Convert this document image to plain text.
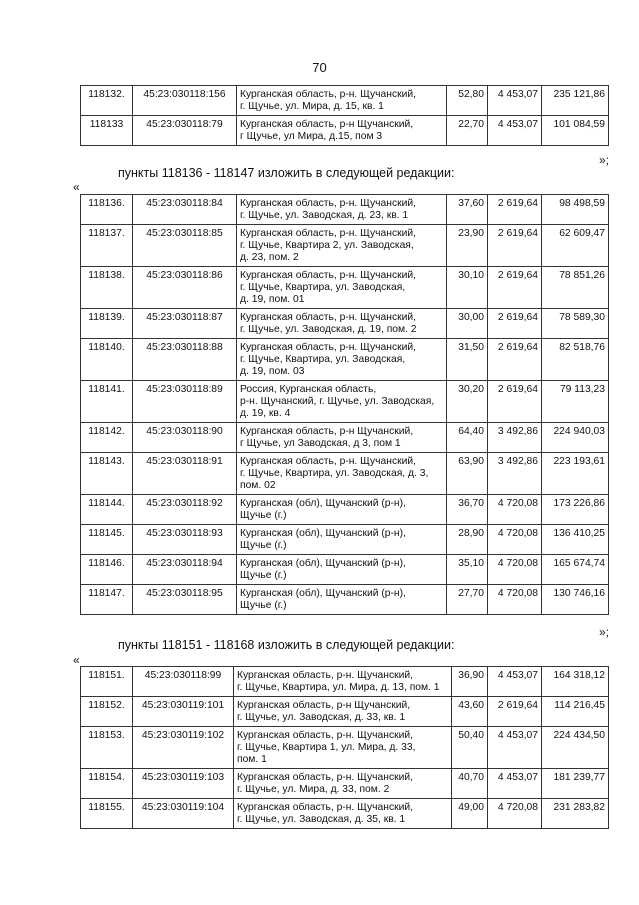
70
118132.	45:23:030118:156	Курганская область, р-н. Щучанский,
г. Щучье, ул. Мира, д. 15, кв. 1	52,80	4 453,07	235 121,86
118133	45:23:030118:79	Курганская область, р-н Щучанский,
г Щучье, ул Мира, д.15, пом 3	22,70	4 453,07	101 084,59
»;
пункты 118136 - 118147 изложить в следующей редакции:
«
118136.	45:23:030118:84	Курганская область, р-н. Щучанский,
г. Щучье, ул. Заводская, д. 23, кв. 1	37,60	2 619,64	98 498,59
118137.	45:23:030118:85	Курганская область, р-н. Щучанский,
г. Щучье, Квартира 2, ул. Заводская,
д. 23, пом. 2	23,90	2 619,64	62 609,47
118138.	45:23:030118:86	Курганская область, р-н. Щучанский,
г. Щучье, Квартира, ул. Заводская,
д. 19, пом. 01	30,10	2 619,64	78 851,26
118139.	45:23:030118:87	Курганская область, р-н. Щучанский,
г. Щучье, ул. Заводская, д. 19, пом. 2	30,00	2 619,64	78 589,30
118140.	45:23:030118:88	Курганская область, р-н. Щучанский,
г. Щучье, Квартира, ул. Заводская,
д. 19, пом. 03	31,50	2 619,64	82 518,76
118141.	45:23:030118:89	Россия, Курганская область,
р-н. Щучанский, г. Щучье, ул. Заводская,
д. 19, кв. 4	30,20	2 619,64	79 113,23
118142.	45:23:030118:90	Курганская область, р-н Щучанский,
г Щучье, ул Заводская, д 3, пом 1	64,40	3 492,86	224 940,03
118143.	45:23:030118:91	Курганская область, р-н. Щучанский,
г. Щучье, Квартира, ул. Заводская, д. 3,
пом. 02	63,90	3 492,86	223 193,61
118144.	45:23:030118:92	Курганская (обл), Щучанский (р-н),
Щучье (г.)	36,70	4 720,08	173 226,86
118145.	45:23:030118:93	Курганская (обл), Щучанский (р-н),
Щучье (г.)	28,90	4 720,08	136 410,25
118146.	45:23:030118:94	Курганская (обл), Щучанский (р-н),
Щучье (г.)	35,10	4 720,08	165 674,74
118147.	45:23:030118:95	Курганская (обл), Щучанский (р-н),
Щучье (г.)	27,70	4 720,08	130 746,16
»;
пункты 118151 - 118168 изложить в следующей редакции:
«
118151.	45:23:030118:99	Курганская область, р-н. Щучанский,
г. Щучье, Квартира, ул. Мира, д. 13, пом. 1	36,90	4 453,07	164 318,12
118152.	45:23:030119:101	Курганская область, р-н Щучанский,
г. Щучье, ул. Заводская, д. 33, кв. 1	43,60	2 619,64	114 216,45
118153.	45:23:030119:102	Курганская область, р-н. Щучанский,
г. Щучье, Квартира 1, ул. Мира, д. 33,
пом. 1	50,40	4 453,07	224 434,50
118154.	45:23:030119:103	Курганская область, р-н. Щучанский,
г. Щучье, ул. Мира, д. 33, пом. 2	40,70	4 453,07	181 239,77
118155.	45:23:030119:104	Курганская область, р-н. Щучанский,
г. Щучье, ул. Заводская, д. 35, кв. 1	49,00	4 720,08	231 283,82
